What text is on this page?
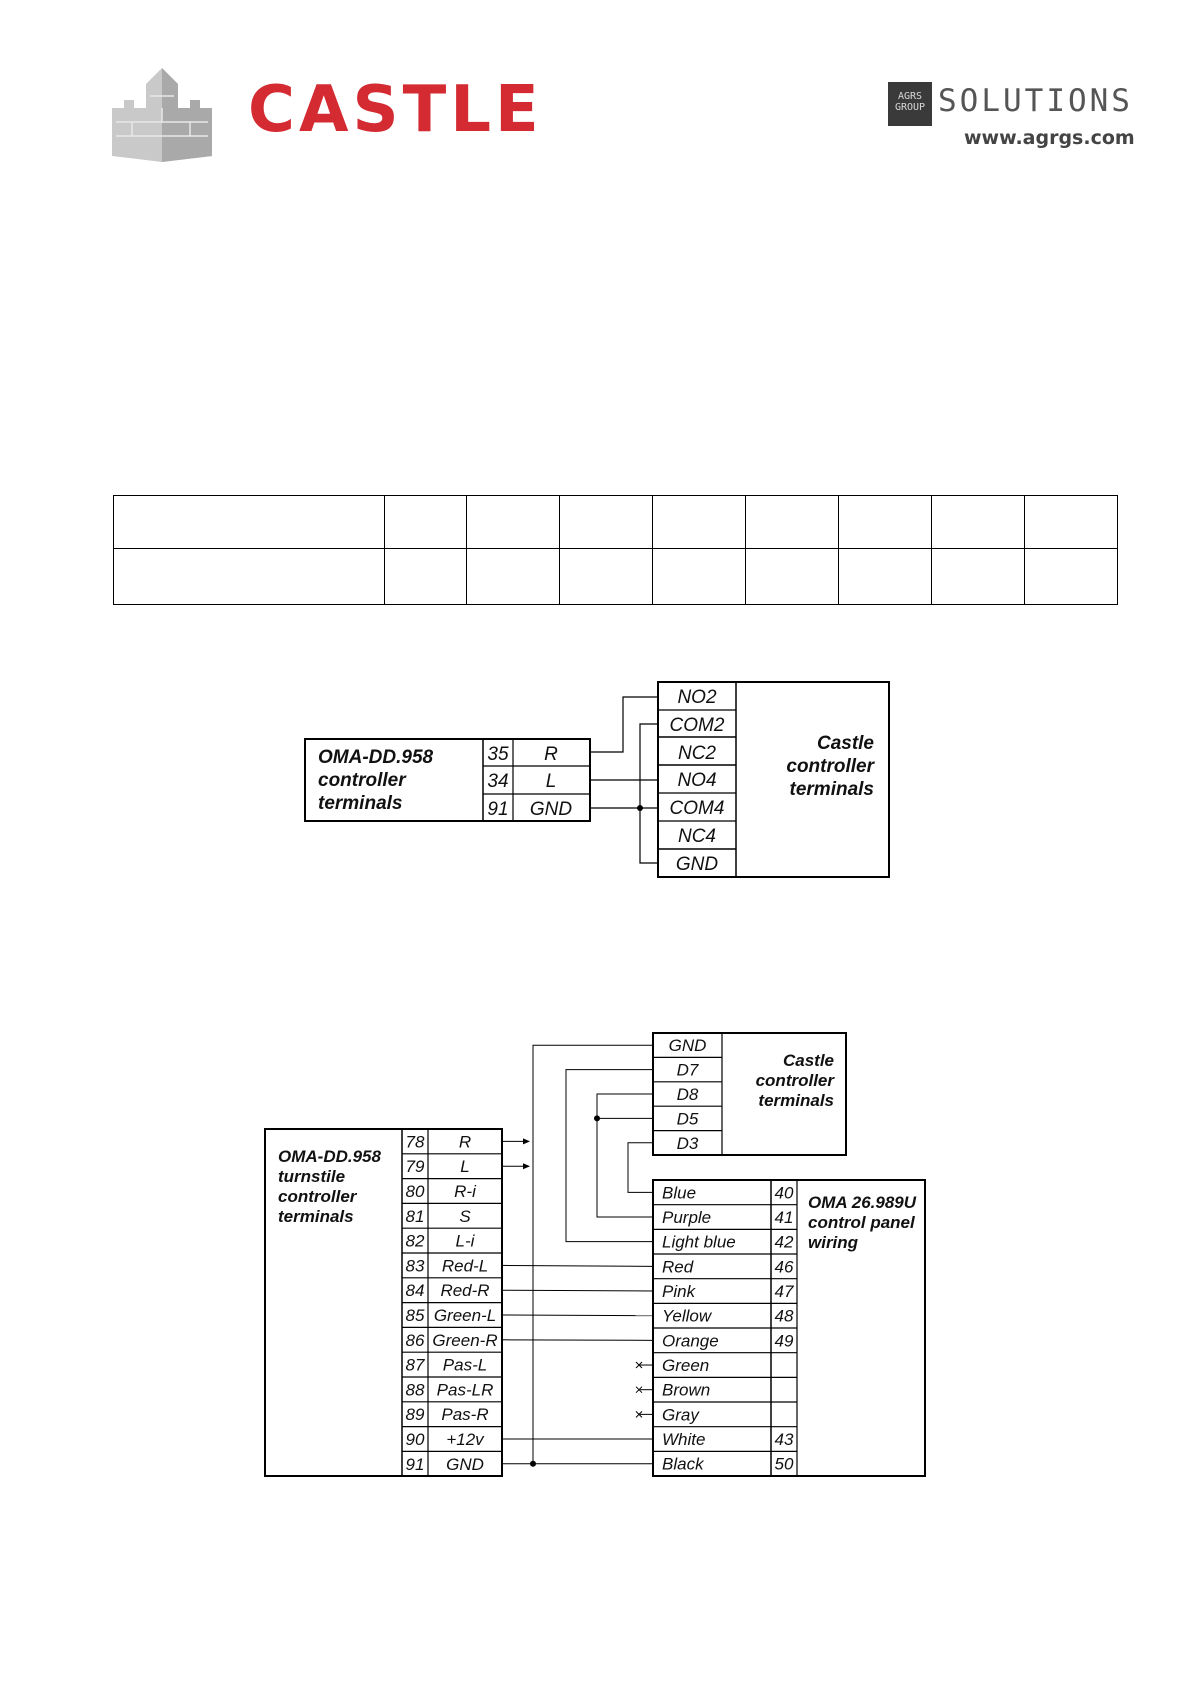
CASTLE	AGRS
GROUP SOLUTIONS
www.agrgs.com

OMA-DD.958
controller
terminals
Castle
controller
terminals
35 R
34 L
91 GND
NO2
COM2
NC2
NO4
COM4
NC4
GND
GND
D7
D8
D5
D3
78 R
79 L
80 R-i
81 S
82 L-i
83 Red-L
84 Red-R
85 Green-L
86 Green-R
87 Pas-L
88 Pas-LR
89 Pas-R
90 +12v
91 GND
Blue	40
Purple	41
Light blue 42
Red	46
Pink	47
Yellow	48
Orange	49
Green
Brown
Gray
White	43
Black	50
OMA-DD.958
turnstile
controller
terminals
Castle
controller
terminals
OMA 26.989U
control panel
wiring
